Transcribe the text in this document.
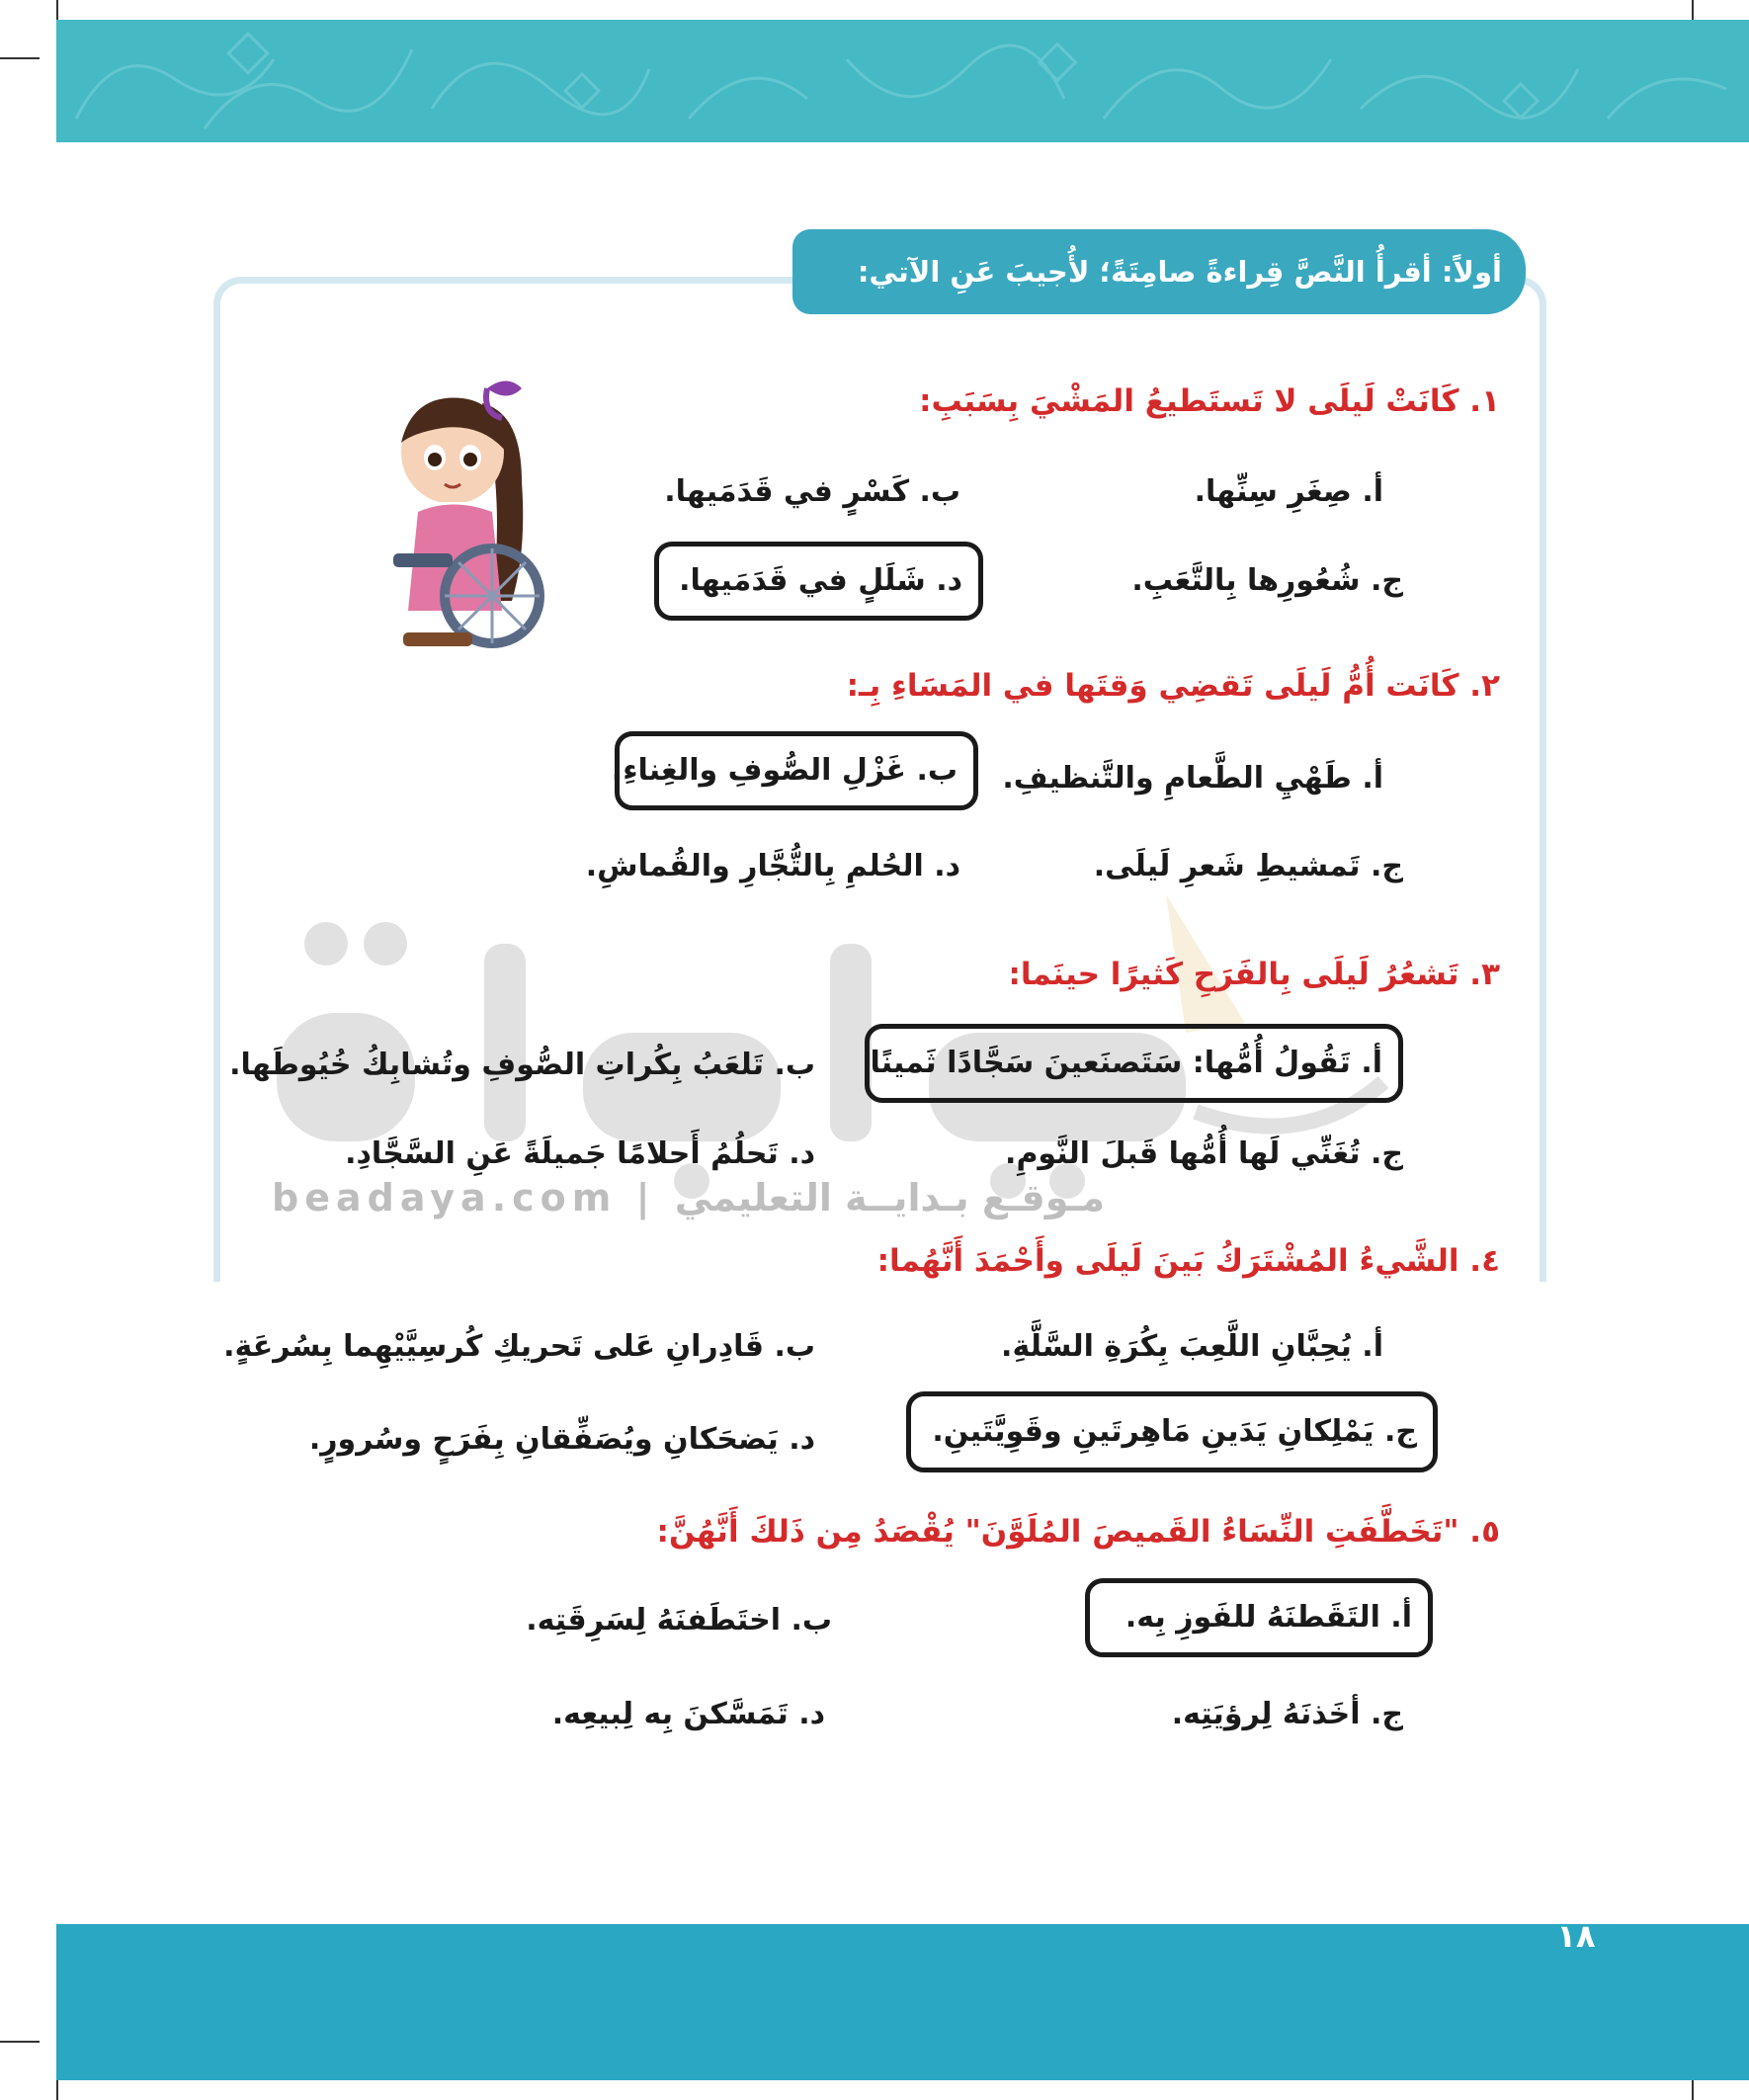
أولاً: أقرأُ النَّصَّ قِراءةً صامِتَةً؛ لأُجيبَ عَنِ الآتي:
beadaya.com | مـوقـع بـدايــة التعليمي
١. كَانَتْ لَيلَى لا تَستَطيعُ المَشْيَ بِسَبَبِ:
أ. صِغَرِ سِنِّها.
ب. كَسْرٍ في قَدَمَيها.
ج. شُعُورِها بِالتَّعَبِ.
د. شَلَلٍ في قَدَمَيها.
٢. كَانَت أُمُّ لَيلَى تَقضِي وَقتَها في المَسَاءِ بِـ:
أ. طَهْيِ الطَّعامِ والتَّنظيفِ.
ب. غَزْلِ الصُّوفِ والغِناءِ.
ج. تَمشيطِ شَعرِ لَيلَى.
د. الحُلمِ بِالتُّجَّارِ والقُماشِ.
٣. تَشعُرُ لَيلَى بِالفَرَحِ كَثيرًا حينَما:
أ. تَقُولُ أُمُّها: سَتَصنَعينَ سَجَّادًا ثَمينًا
ب. تَلعَبُ بِكُراتِ الصُّوفِ وتُشابِكُ خُيُوطَها.
ج. تُغَنِّي لَها أُمُّها قَبلَ النَّومِ.
د. تَحلُمُ أَحلامًا جَميلَةً عَنِ السَّجَّادِ.
٤. الشَّيءُ المُشْتَرَكُ بَينَ لَيلَى وأَحْمَدَ أَنَّهُما:
أ. يُحِبَّانِ اللَّعِبَ بِكُرَةِ السَّلَّةِ.
ب. قَادِرانِ عَلى تَحريكِ كُرسِيَّيْهِما بِسُرعَةٍ.
ج. يَمْلِكانِ يَدَينِ مَاهِرتَينِ وقَوِيَّتَينِ.
د. يَضحَكانِ ويُصَفِّقانِ بِفَرَحٍ وسُرورٍ.
٥. "تَخَطَّفَتِ النِّسَاءُ القَميصَ المُلَوَّنَ" يُقْصَدُ مِن ذَلكَ أَنَّهُنَّ:
أ. التَقَطنَهُ للفَوزِ بِه.
ب. اختَطَفنَهُ لِسَرِقَتِه.
ج. أخَذنَهُ لِرؤيَتِه.
د. تَمَسَّكنَ بِه لِبيعِه.
١٨
